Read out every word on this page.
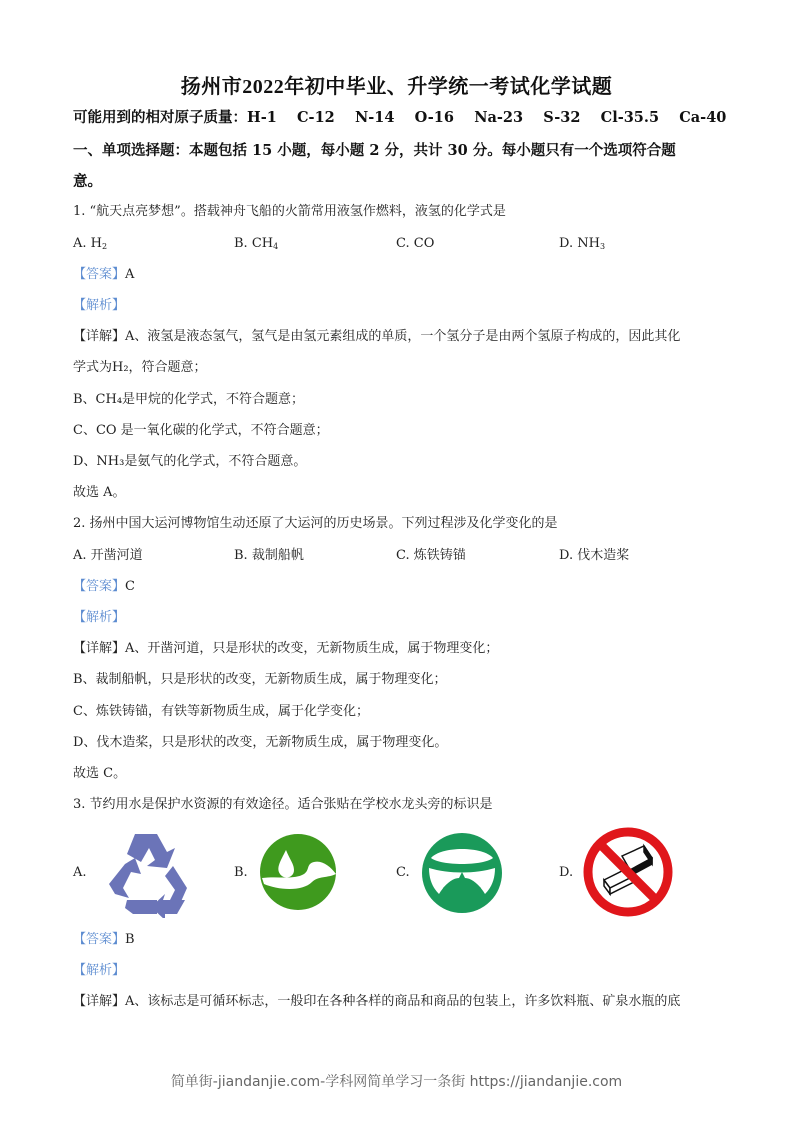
扬州市2022年初中毕业、升学统一考试化学试题
可能用到的相对原子质量：H-1 C-12 N-14 O-16 Na-23 S-32 Cl-35.5 Ca-40
一、单项选择题：本题包括 15 小题，每小题 2 分，共计 30 分。每小题只有一个选项符合题
意。
1. “航天点亮梦想”。搭载神舟飞船的火箭常用液氢作燃料，液氢的化学式是
A. $H_2$	B. $CH_4$	C. CO	D. $NH_3$
【答案】A
【解析】
【详解】A、液氢是液态氢气，氢气是由氢元素组成的单质，一个氢分子是由两个氢原子构成的，因此其化
学式为H₂，符合题意；
B、CH₄是甲烷的化学式，不符合题意；
C、CO 是一氧化碳的化学式，不符合题意；
D、NH₃是氨气的化学式，不符合题意。
故选 A。
2. 扬州中国大运河博物馆生动还原了大运河的历史场景。下列过程涉及化学变化的是
A. 开凿河道	B. 裁制船帆	C. 炼铁铸锚	D. 伐木造桨
【答案】C
【解析】
【详解】A、开凿河道，只是形状的改变，无新物质生成，属于物理变化；
B、裁制船帆，只是形状的改变，无新物质生成，属于物理变化；
C、炼铁铸锚，有铁等新物质生成，属于化学变化；
D、伐木造桨，只是形状的改变，无新物质生成，属于物理变化。
故选 C。
3. 节约用水是保护水资源的有效途径。适合张贴在学校水龙头旁的标识是
A.	B.	C.	D.
【答案】B
【解析】
【详解】A、该标志是可循环标志，一般印在各种各样的商品和商品的包装上，许多饮料瓶、矿泉水瓶的底
简单街-jiandanjie.com-学科网简单学习一条街 https://jiandanjie.com
